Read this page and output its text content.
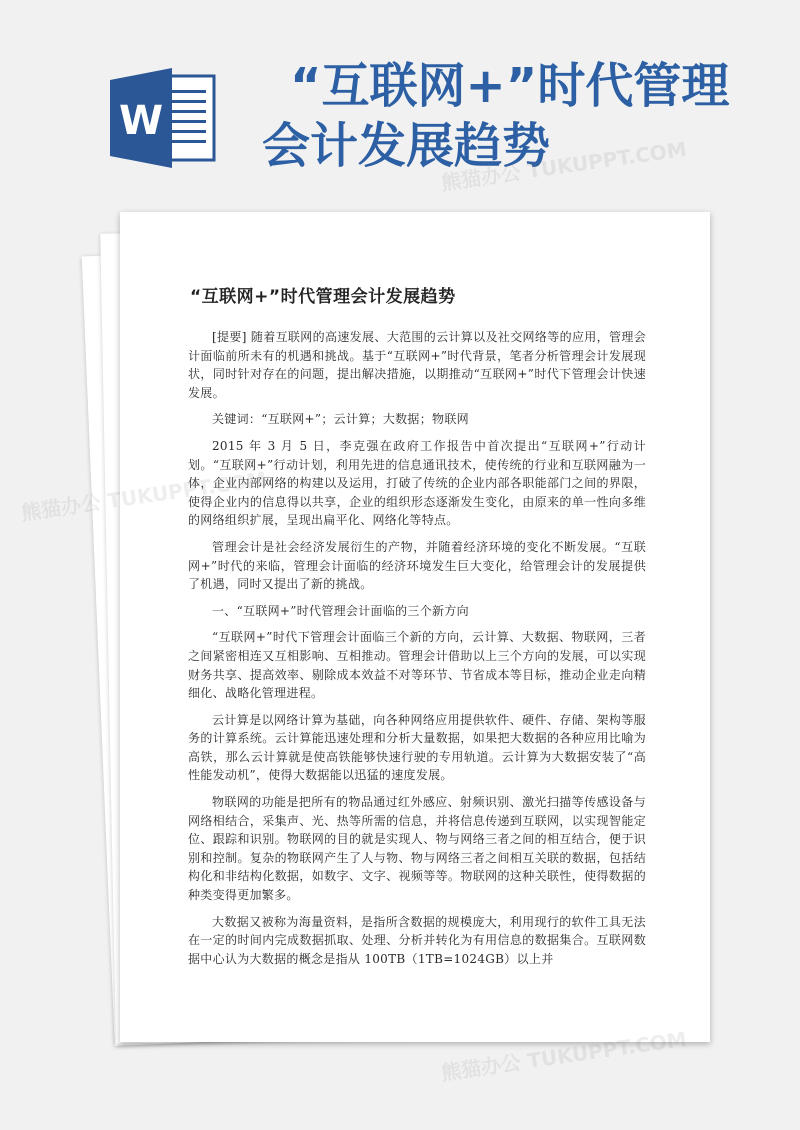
W
“互联网+”时代管理
会计发展趋势
“互联网+”时代管理会计发展趋势

[提要] 随着互联网的高速发展、大范围的云计算以及社交网络等的应用，管理会计面临前所未有的机遇和挑战。基于“互联网+”时代背景，笔者分析管理会计发展现状，同时针对存在的问题，提出解决措施，以期推动“互联网+”时代下管理会计快速发展。

关键词：“互联网+”；云计算；大数据；物联网

2015 年 3 月 5 日，李克强在政府工作报告中首次提出“互联网+”行动计划。“互联网+”行动计划，利用先进的信息通讯技术，使传统的行业和互联网融为一体，企业内部网络的构建以及运用，打破了传统的企业内部各职能部门之间的界限，使得企业内的信息得以共享，企业的组织形态逐渐发生变化，由原来的单一性向多维的网络组织扩展，呈现出扁平化、网络化等特点。

管理会计是社会经济发展衍生的产物，并随着经济环境的变化不断发展。“互联网+”时代的来临，管理会计面临的经济环境发生巨大变化，给管理会计的发展提供了机遇，同时又提出了新的挑战。

一、“互联网+”时代管理会计面临的三个新方向

“互联网+”时代下管理会计面临三个新的方向，云计算、大数据、物联网，三者之间紧密相连又互相影响、互相推动。管理会计借助以上三个方向的发展，可以实现财务共享、提高效率、剔除成本效益不对等环节、节省成本等目标，推动企业走向精细化、战略化管理进程。

云计算是以网络计算为基础，向各种网络应用提供软件、硬件、存储、架构等服务的计算系统。云计算能迅速处理和分析大量数据，如果把大数据的各种应用比喻为高铁，那么云计算就是使高铁能够快速行驶的专用轨道。云计算为大数据安装了“高性能发动机”，使得大数据能以迅猛的速度发展。

物联网的功能是把所有的物品通过红外感应、射频识别、激光扫描等传感设备与网络相结合，采集声、光、热等所需的信息，并将信息传递到互联网，以实现智能定位、跟踪和识别。物联网的目的就是实现人、物与网络三者之间的相互结合，便于识别和控制。复杂的物联网产生了人与物、物与网络三者之间相互关联的数据，包括结构化和非结构化数据，如数字、文字、视频等等。物联网的这种关联性，使得数据的种类变得更加繁多。

大数据又被称为海量资料，是指所含数据的规模庞大，利用现行的软件工具无法在一定的时间内完成数据抓取、处理、分析并转化为有用信息的数据集合。互联网数据中心认为大数据的概念是指从 100TB（1TB=1024GB）以上并

熊猫办公 TUKUPPT.COM
熊猫办公
熊猫办公 TUKUPPT.COM
